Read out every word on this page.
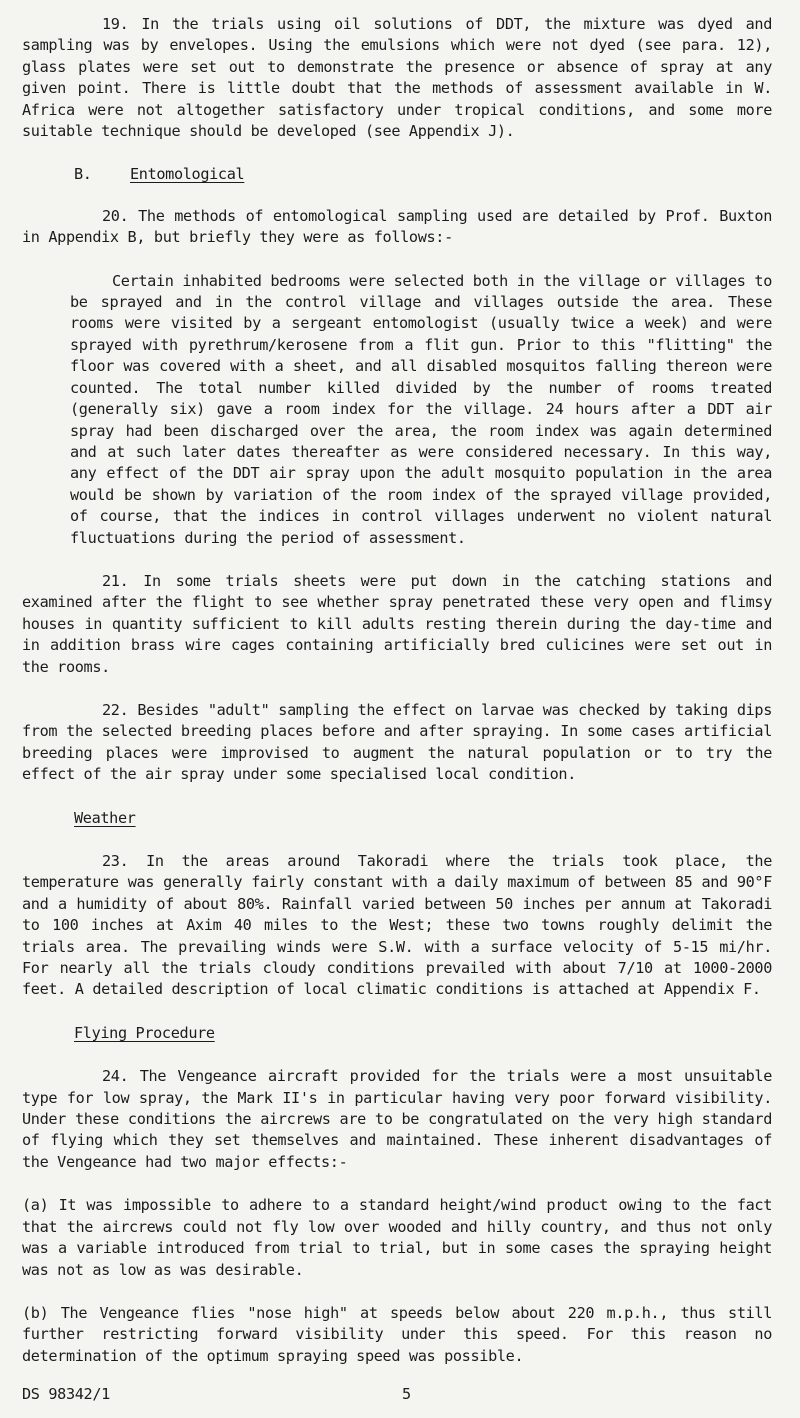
19. In the trials using oil solutions of DDT, the mixture was dyed and sampling was by envelopes. Using the emulsions which were not dyed (see para. 12), glass plates were set out to demonstrate the presence or absence of spray at any given point. There is little doubt that the methods of assessment available in W. Africa were not altogether satisfactory under tropical conditions, and some more suitable technique should be developed (see Appendix J).

B.	Entomological

20. The methods of entomological sampling used are detailed by Prof. Buxton in Appendix B, but briefly they were as follows:-

Certain inhabited bedrooms were selected both in the village or villages to be sprayed and in the control village and villages outside the area. These rooms were visited by a sergeant entomologist (usually twice a week) and were sprayed with pyrethrum/kerosene from a flit gun. Prior to this "flitting" the floor was covered with a sheet, and all disabled mosquitos falling thereon were counted. The total number killed divided by the number of rooms treated (generally six) gave a room index for the village. 24 hours after a DDT air spray had been discharged over the area, the room index was again determined and at such later dates thereafter as were considered necessary. In this way, any effect of the DDT air spray upon the adult mosquito population in the area would be shown by variation of the room index of the sprayed village provided, of course, that the indices in control villages underwent no violent natural fluctuations during the period of assessment.

21. In some trials sheets were put down in the catching stations and examined after the flight to see whether spray penetrated these very open and flimsy houses in quantity sufficient to kill adults resting therein during the day-time and in addition brass wire cages containing artificially bred culicines were set out in the rooms.

22. Besides "adult" sampling the effect on larvae was checked by taking dips from the selected breeding places before and after spraying. In some cases artificial breeding places were improvised to augment the natural population or to try the effect of the air spray under some specialised local condition.

Weather

23. In the areas around Takoradi where the trials took place, the temperature was generally fairly constant with a daily maximum of between 85 and 90°F and a humidity of about 80%. Rainfall varied between 50 inches per annum at Takoradi to 100 inches at Axim 40 miles to the West; these two towns roughly delimit the trials area. The prevailing winds were S.W. with a surface velocity of 5-15 mi/hr. For nearly all the trials cloudy conditions prevailed with about 7/10 at 1000-2000 feet. A detailed description of local climatic conditions is attached at Appendix F.

Flying Procedure

24. The Vengeance aircraft provided for the trials were a most unsuitable type for low spray, the Mark II's in particular having very poor forward visibility. Under these conditions the aircrews are to be congratulated on the very high standard of flying which they set themselves and maintained. These inherent disadvantages of the Vengeance had two major effects:-

(a) It was impossible to adhere to a standard height/wind product owing to the fact that the aircrews could not fly low over wooded and hilly country, and thus not only was a variable introduced from trial to trial, but in some cases the spraying height was not as low as was desirable.

(b) The Vengeance flies "nose high" at speeds below about 220 m.p.h., thus still further restricting forward visibility under this speed. For this reason no determination of the optimum spraying speed was possible.

DS 98342/1	5
